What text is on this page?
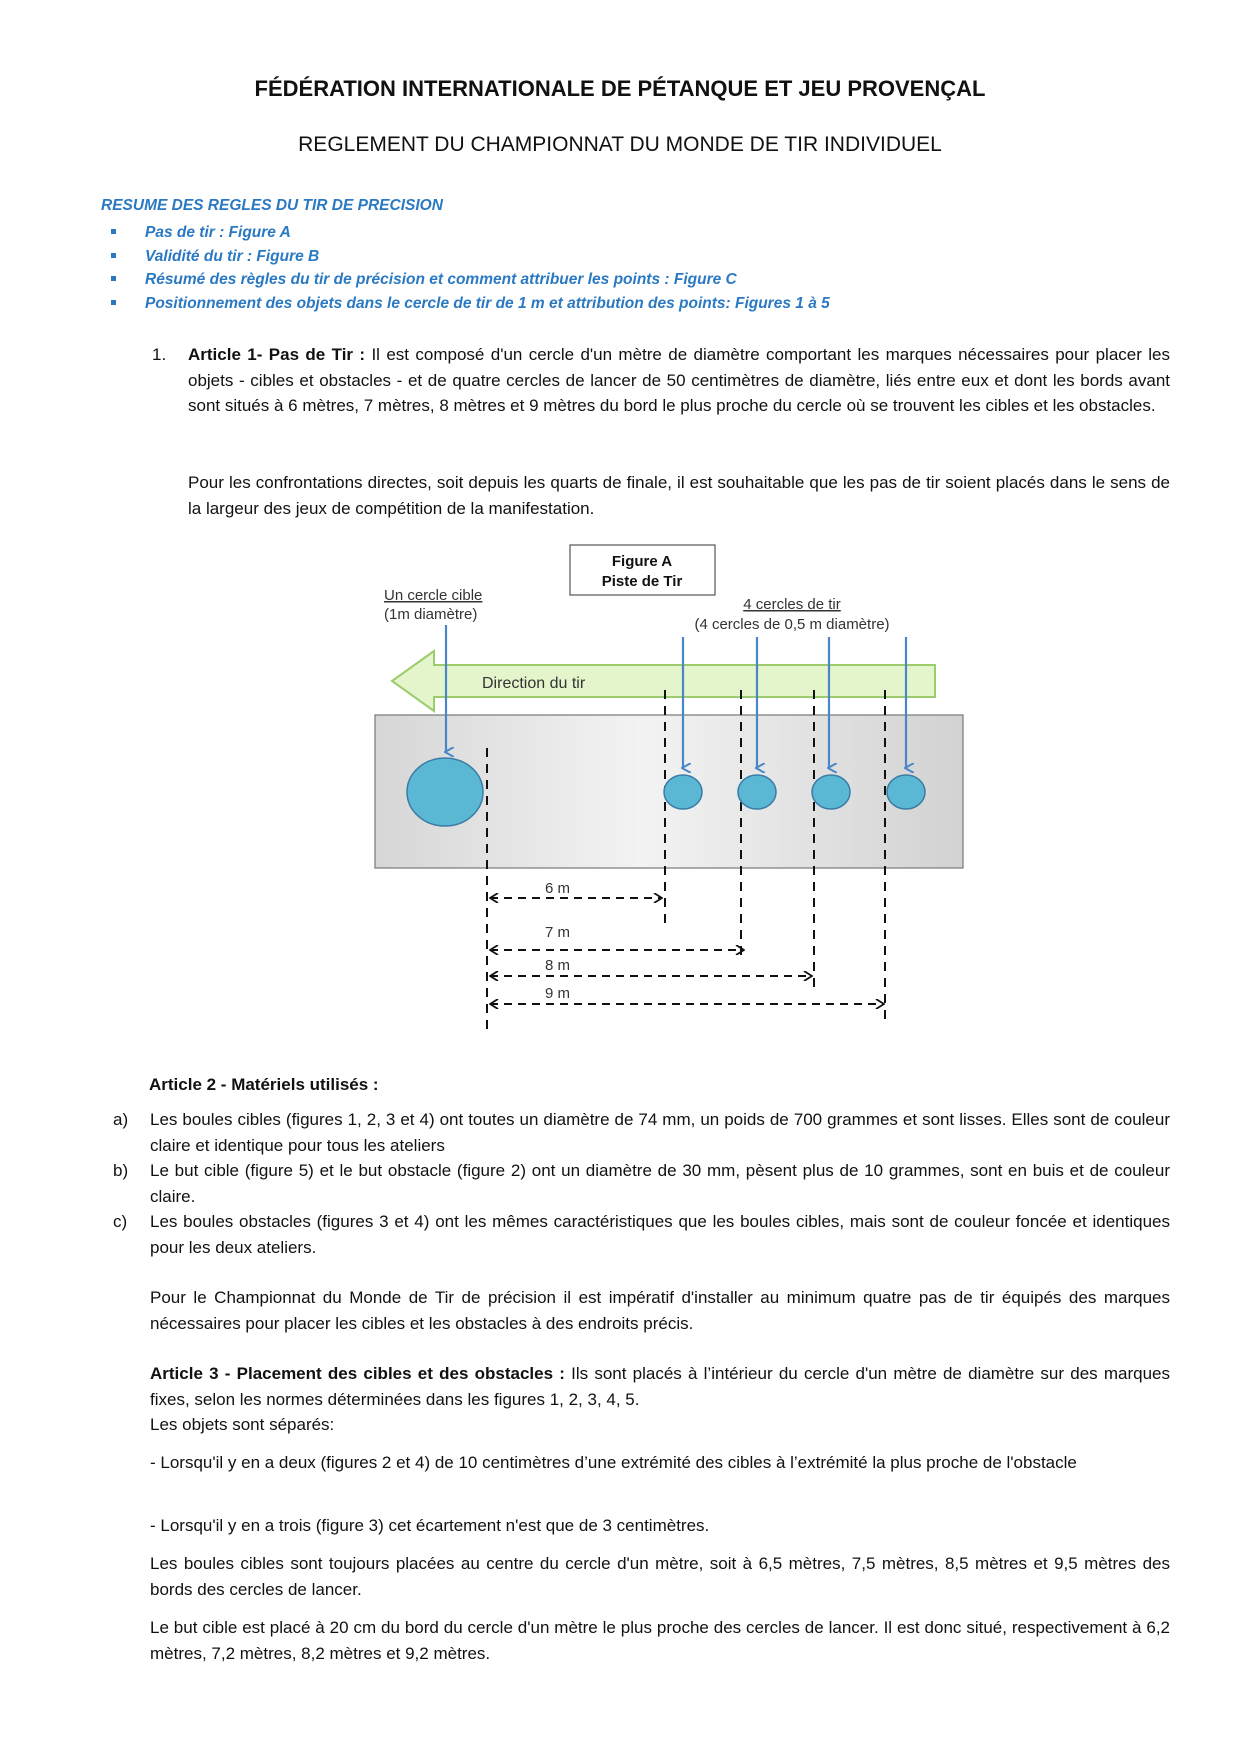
FÉDÉRATION INTERNATIONALE DE PÉTANQUE ET JEU PROVENÇAL
REGLEMENT DU CHAMPIONNAT DU MONDE DE TIR INDIVIDUEL
RESUME DES REGLES DU TIR DE PRECISION
Pas de tir : Figure A
Validité du tir : Figure B
Résumé des règles du tir de précision et comment attribuer les points : Figure C
Positionnement des objets dans le cercle de tir de 1 m et attribution des points: Figures 1 à 5
1. Article 1- Pas de Tir : Il est composé d'un cercle d'un mètre de diamètre comportant les marques nécessaires pour placer les objets - cibles et obstacles - et de quatre cercles de lancer de 50 centimètres de diamètre, liés entre eux et dont les bords avant sont situés à 6 mètres, 7 mètres, 8 mètres et 9 mètres du bord le plus proche du cercle où se trouvent les cibles et les obstacles.
Pour les confrontations directes, soit depuis les quarts de finale, il est souhaitable que les pas de tir soient placés dans le sens de la largeur des jeux de compétition de la manifestation.
Figure A
Piste de Tir
Un cercle cible
(1m diamètre)
4 cercles de tir
(4 cercles de 0,5 m diamètre)
Direction du tir
6 m
7 m
8 m
9 m
Article 2 - Matériels utilisés :
a) Les boules cibles (figures 1, 2, 3 et 4) ont toutes un diamètre de 74 mm, un poids de 700 grammes et sont lisses. Elles sont de couleur claire et identique pour tous les ateliers
b) Le but cible (figure 5) et le but obstacle (figure 2) ont un diamètre de 30 mm, pèsent plus de 10 grammes, sont en buis et de couleur claire.
c) Les boules obstacles (figures 3 et 4) ont les mêmes caractéristiques que les boules cibles, mais sont de couleur foncée et identiques pour les deux ateliers.
Pour le Championnat du Monde de Tir de précision il est impératif d'installer au minimum quatre pas de tir équipés des marques nécessaires pour placer les cibles et les obstacles à des endroits précis.
Article 3 - Placement des cibles et des obstacles : Ils sont placés à l’intérieur du cercle d'un mètre de diamètre sur des marques fixes, selon les normes déterminées dans les figures 1, 2, 3, 4, 5.
Les objets sont séparés:
- Lorsqu'il y en a deux (figures 2 et 4) de 10 centimètres d’une extrémité des cibles à l’extrémité la plus proche de l'obstacle
- Lorsqu'il y en a trois (figure 3) cet écartement n'est que de 3 centimètres.
Les boules cibles sont toujours placées au centre du cercle d'un mètre, soit à 6,5 mètres, 7,5 mètres, 8,5 mètres et 9,5 mètres des bords des cercles de lancer.
Le but cible est placé à 20 cm du bord du cercle d'un mètre le plus proche des cercles de lancer. Il est donc situé, respectivement à 6,2 mètres, 7,2 mètres, 8,2 mètres et 9,2 mètres.
